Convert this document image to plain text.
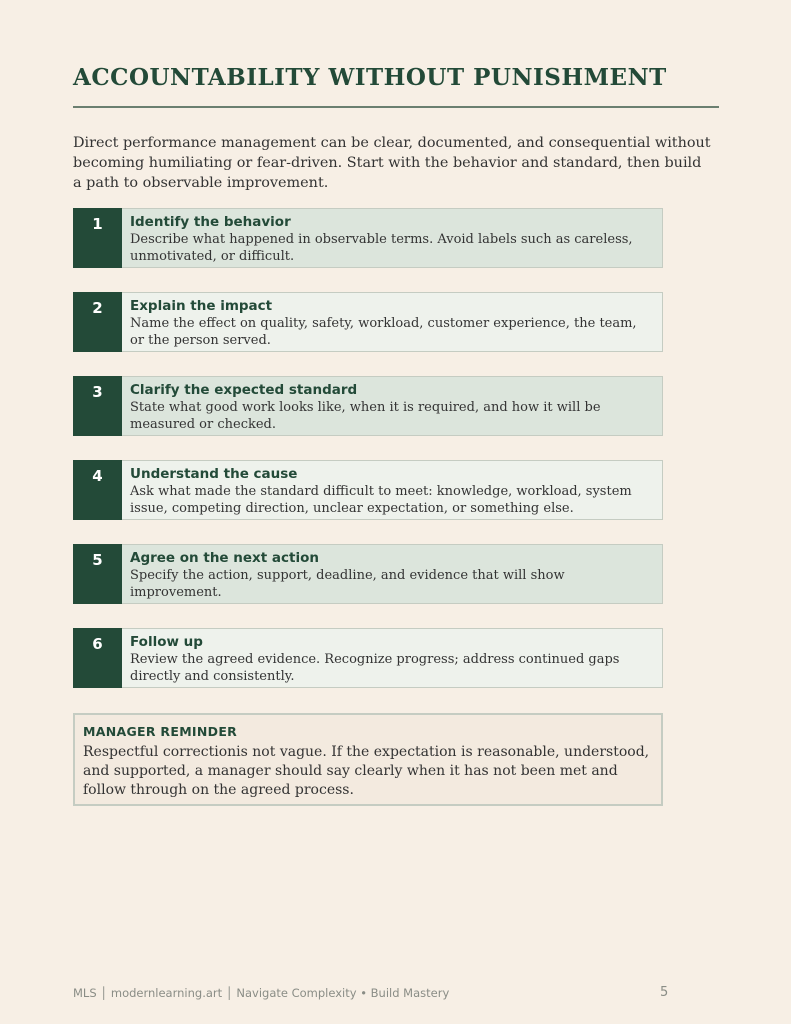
ACCOUNTABILITY WITHOUT PUNISHMENT

Direct performance management can be clear, documented, and consequential without becoming humiliating or fear-driven. Start with the behavior and standard, then build a path to observable improvement.

1	Identify the behavior
Describe what happened in observable terms. Avoid labels such as careless, unmotivated, or difficult.
2	Explain the impact
Name the effect on quality, safety, workload, customer experience, the team, or the person served.
3	Clarify the expected standard
State what good work looks like, when it is required, and how it will be measured or checked.
4	Understand the cause
Ask what made the standard difficult to meet: knowledge, workload, system issue, competing direction, unclear expectation, or something else.
5	Agree on the next action
Specify the action, support, deadline, and evidence that will show improvement.
6	Follow up
Review the agreed evidence. Recognize progress; address continued gaps directly and consistently.
MANAGER REMINDER
Respectful correctionis not vague. If the expectation is reasonable, understood, and supported, a manager should say clearly when it has not been met and follow through on the agreed process.
MLS │ modernlearning.art │ Navigate Complexity • Build Mastery	5
